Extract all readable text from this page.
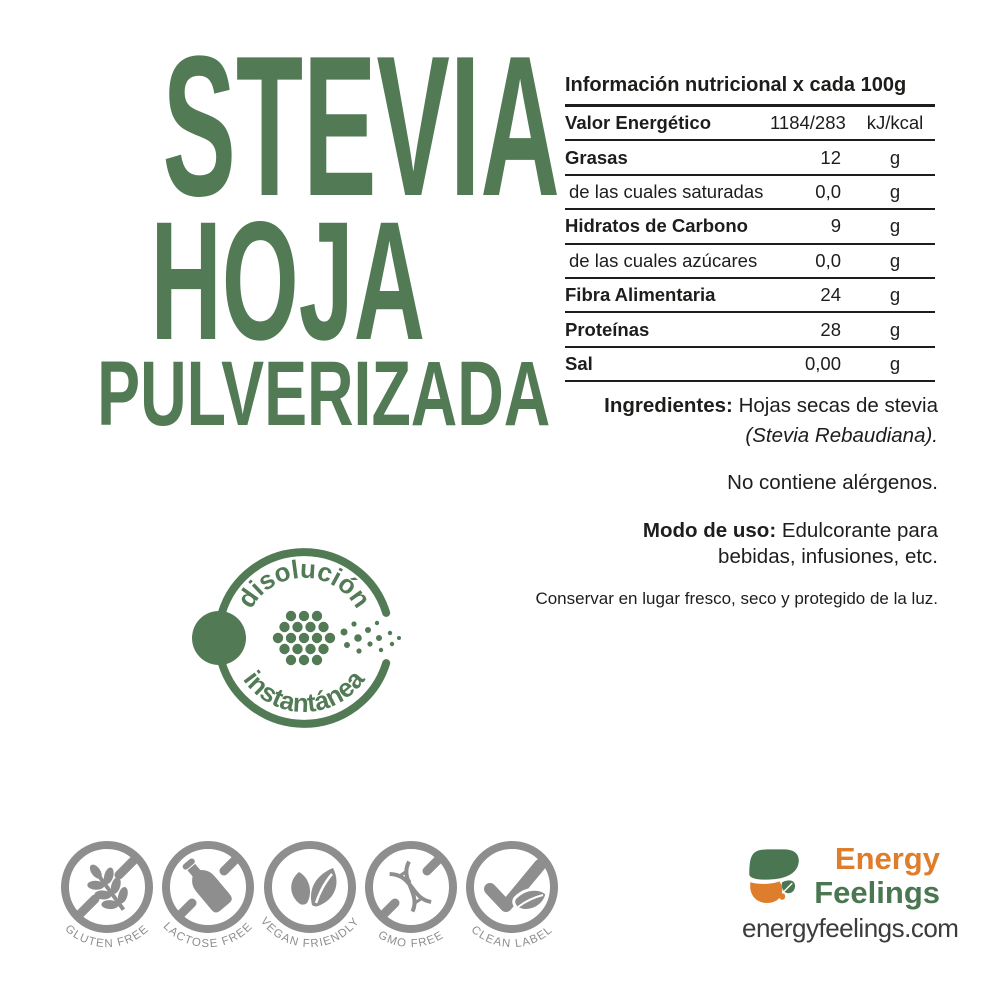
STEVIA
HOJA
PULVERIZADA
Información nutricional x cada 100g
Valor Energético	1184/283	kJ/kcal
Grasas	12	g
de las cuales saturadas	0,0	g
Hidratos de Carbono	9	g
de las cuales azúcares	0,0	g
Fibra Alimentaria	24	g
Proteínas	28	g
Sal	0,00	g

Ingredientes: Hojas secas de stevia

(Stevia Rebaudiana).

No contiene alérgenos.

Modo de uso: Edulcorante para bebidas, infusiones, etc.

Conservar en lugar fresco, seco y protegido de la luz.

disolución
instantánea
GLUTEN FREE LACTOSE FREE VEGAN FRIENDLY
GMO FREE CLEAN LABEL
Energy
Feelings
energyfeelings.com
